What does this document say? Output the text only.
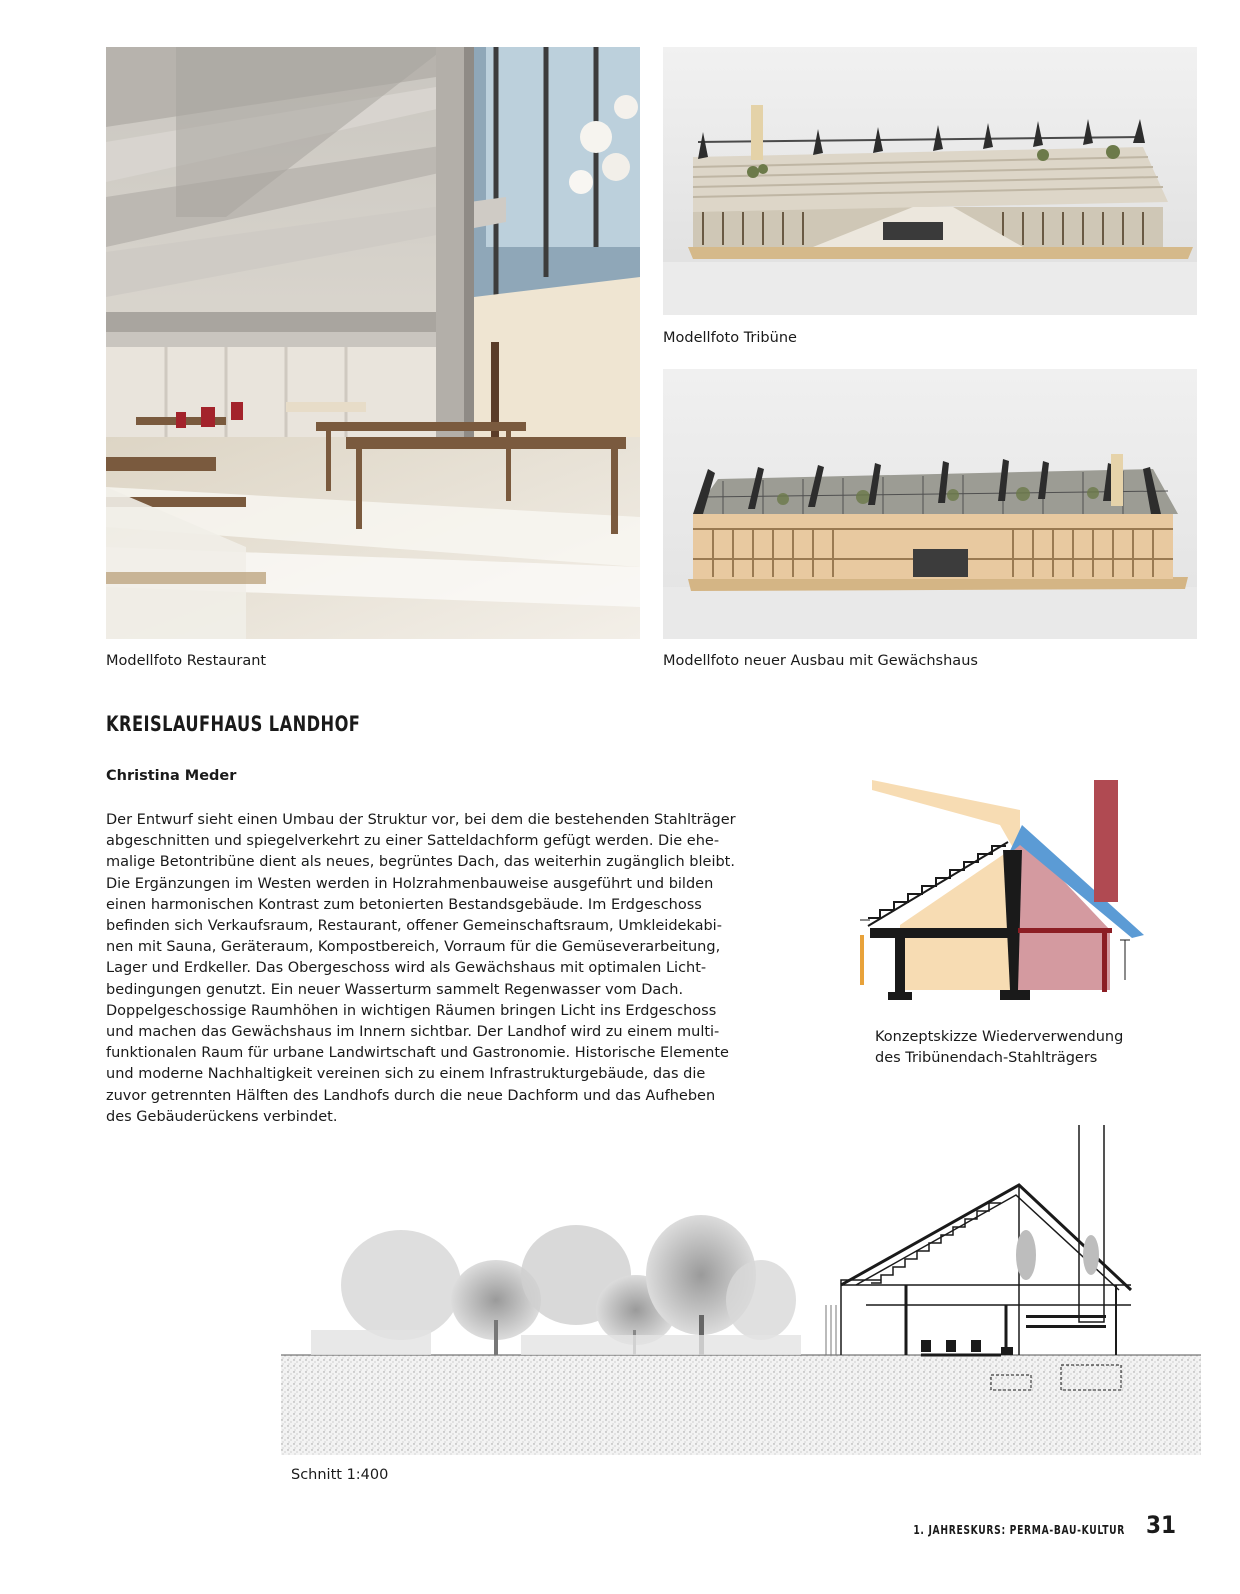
Modellfoto Restaurant
Modellfoto Tribüne
Modellfoto neuer Ausbau mit Gewächshaus
KREISLAUFHAUS LANDHOF
Christina Meder
Der Entwurf sieht einen Umbau der Struktur vor, bei dem die bestehenden Stahlträger
abgeschnitten und spiegelverkehrt zu einer Satteldachform gefügt werden. Die ehe-
malige Betontribüne dient als neues, begrüntes Dach, das weiterhin zugänglich bleibt.
Die Ergänzungen im Westen werden in Holzrahmenbauweise ausgeführt und bilden
einen harmonischen Kontrast zum betonierten Bestandsgebäude. Im Erdgeschoss
befinden sich Verkaufsraum, Restaurant, offener Gemeinschaftsraum, Umkleidekabi-
nen mit Sauna, Geräteraum, Kompostbereich, Vorraum für die Gemüseverarbeitung,
Lager und Erdkeller. Das Obergeschoss wird als Gewächshaus mit optimalen Licht-
bedingungen genutzt. Ein neuer Wasserturm sammelt Regenwasser vom Dach.
Doppelgeschossige Raumhöhen in wichtigen Räumen bringen Licht ins Erdgeschoss
und machen das Gewächshaus im Innern sichtbar. Der Landhof wird zu einem multi-
funktionalen Raum für urbane Landwirtschaft und Gastronomie. Historische Elemente
und moderne Nachhaltigkeit vereinen sich zu einem Infrastrukturgebäude, das die
zuvor getrennten Hälften des Landhofs durch die neue Dachform und das Aufheben
des Gebäuderückens verbindet.
Konzeptskizze Wiederverwendung
des Tribünendach-Stahlträgers
Schnitt 1:400
1. JAHRESKURS: PERMA-BAU-KULTUR 31
